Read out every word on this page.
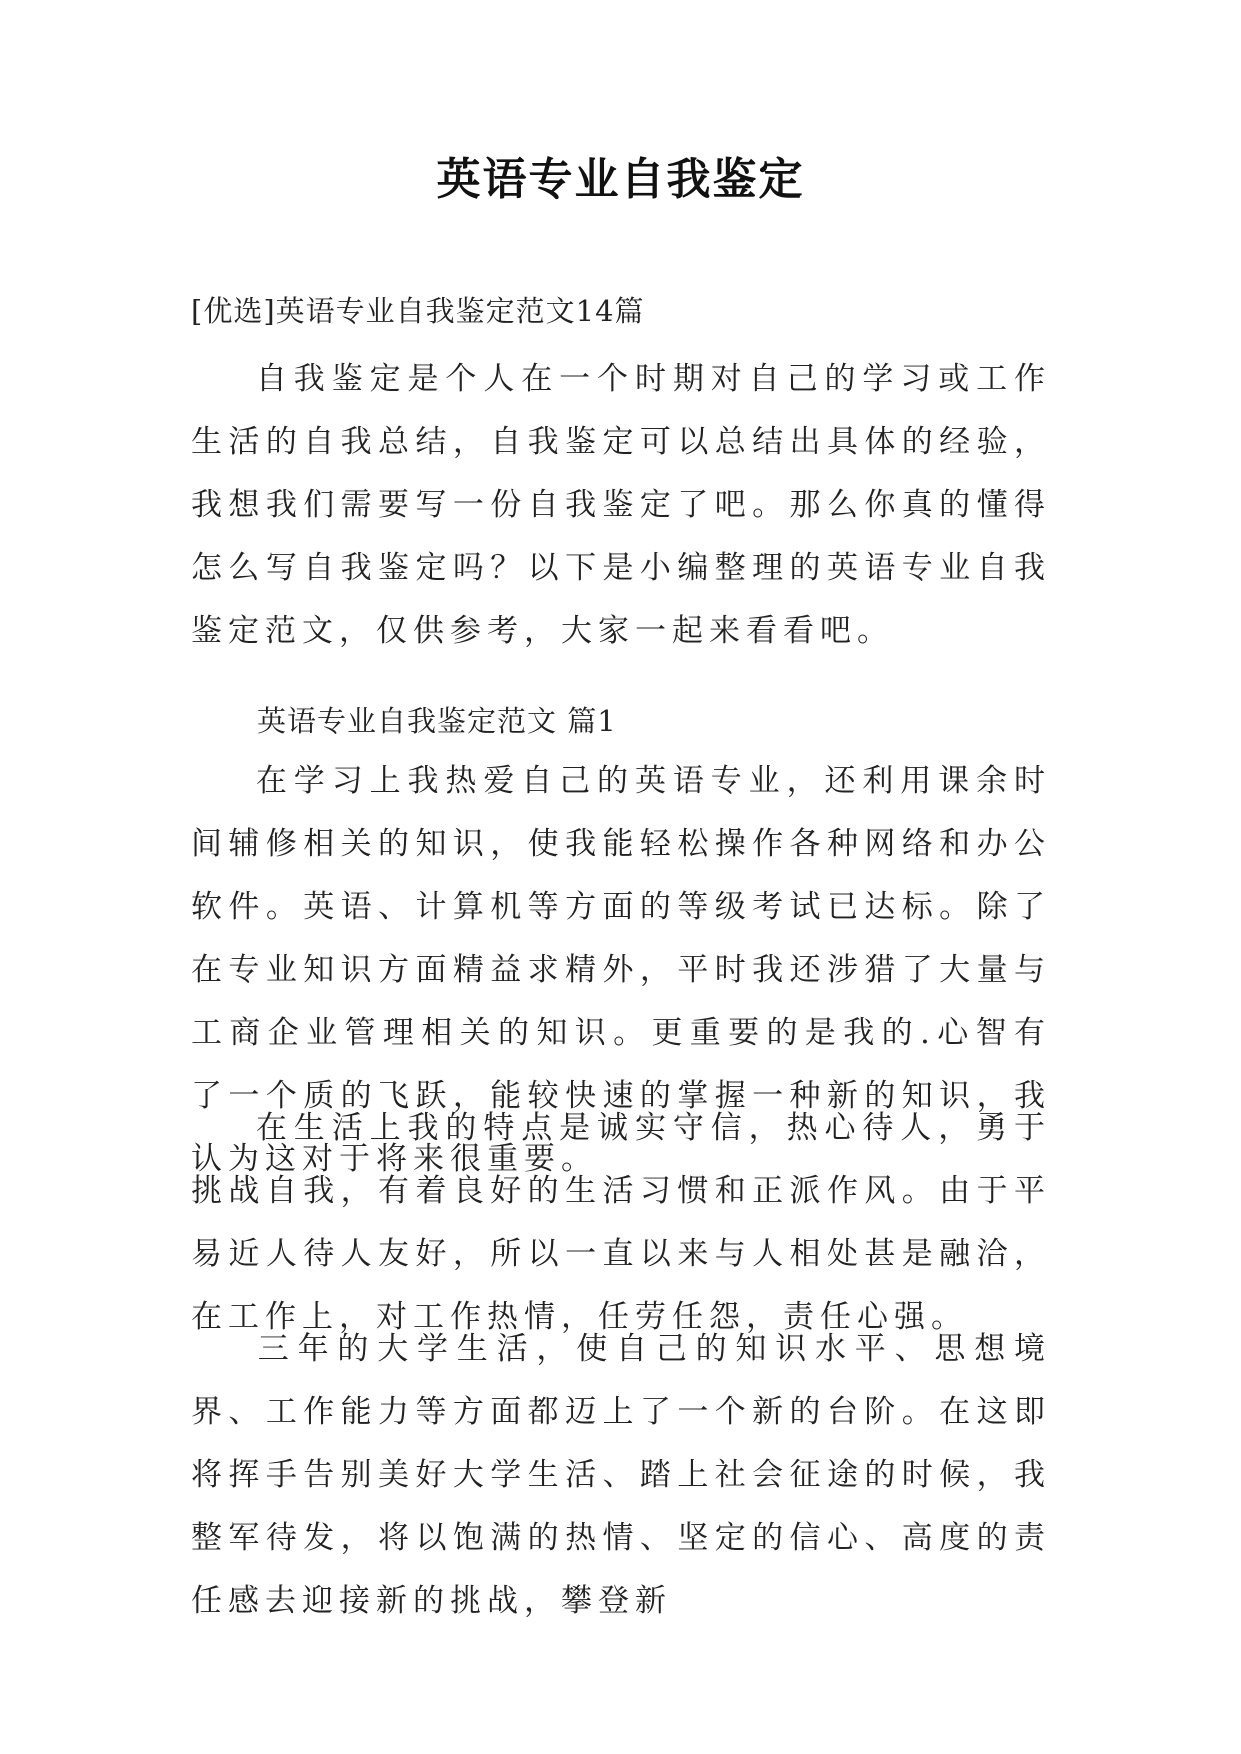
英语专业自我鉴定
[优选]英语专业自我鉴定范文14篇

自我鉴定是个人在一个时期对自己的学习或工作生活的自我总结，自我鉴定可以总结出具体的经验，我想我们需要写一份自我鉴定了吧。那么你真的懂得怎么写自我鉴定吗？以下是小编整理的英语专业自我鉴定范文，仅供参考，大家一起来看看吧。

英语专业自我鉴定范文 篇1

在学习上我热爱自己的英语专业，还利用课余时间辅修相关的知识，使我能轻松操作各种网络和办公软件。英语、计算机等方面的等级考试已达标。除了在专业知识方面精益求精外，平时我还涉猎了大量与工商企业管理相关的知识。更重要的是我的.心智有了一个质的飞跃，能较快速的掌握一种新的知识，我认为这对于将来很重要。

在生活上我的特点是诚实守信，热心待人，勇于挑战自我，有着良好的生活习惯和正派作风。由于平易近人待人友好，所以一直以来与人相处甚是融洽，在工作上，对工作热情，任劳任怨，责任心强。

三年的大学生活，使自己的知识水平、思想境界、工作能力等方面都迈上了一个新的台阶。在这即将挥手告别美好大学生活、踏上社会征途的时候，我整军待发，将以饱满的热情、坚定的信心、高度的责任感去迎接新的挑战，攀登新
